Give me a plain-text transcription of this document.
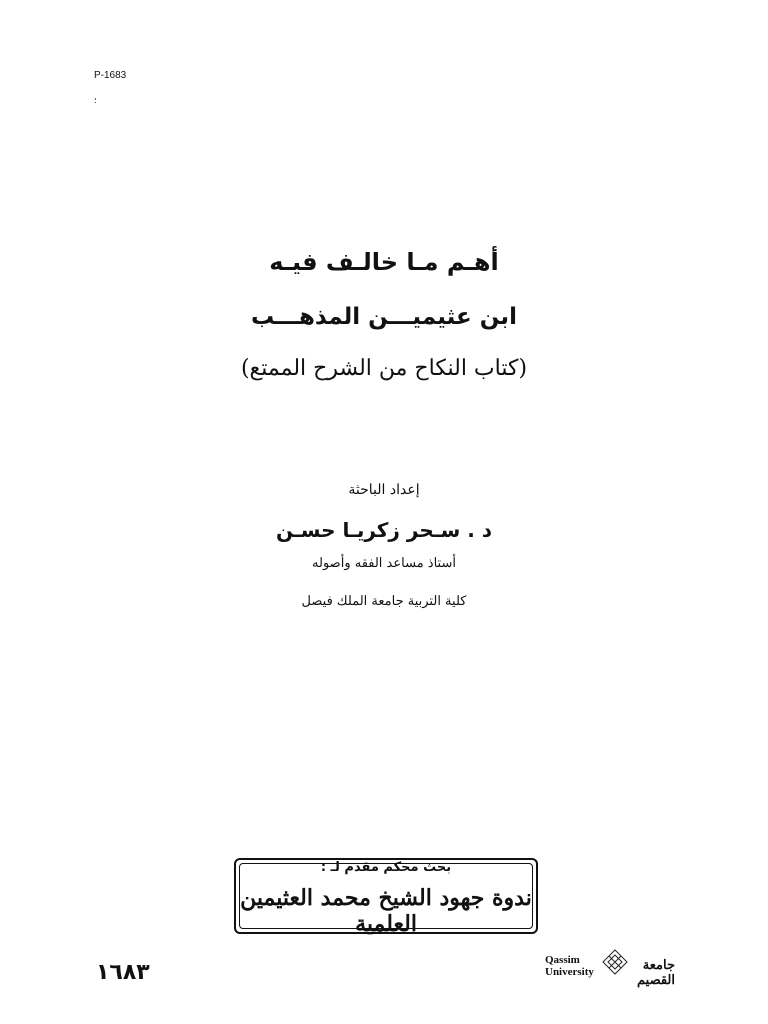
P-1683
؛
أهـم مـا خالـف فيـه
ابن عثيميـــن المذهـــب
(كتاب النكاح من الشرح الممتع)
إعداد الباحثة
د . سـحر زكريـا حسـن
أستاذ مساعد الفقه وأصوله
كلية التربية جامعة الملك فيصل
بحث محكم مقدم لـ :
ندوة جهود الشيخ محمد العثيمين العلمية
١٦٨٣	Qassim
University	جامعة القصيم
